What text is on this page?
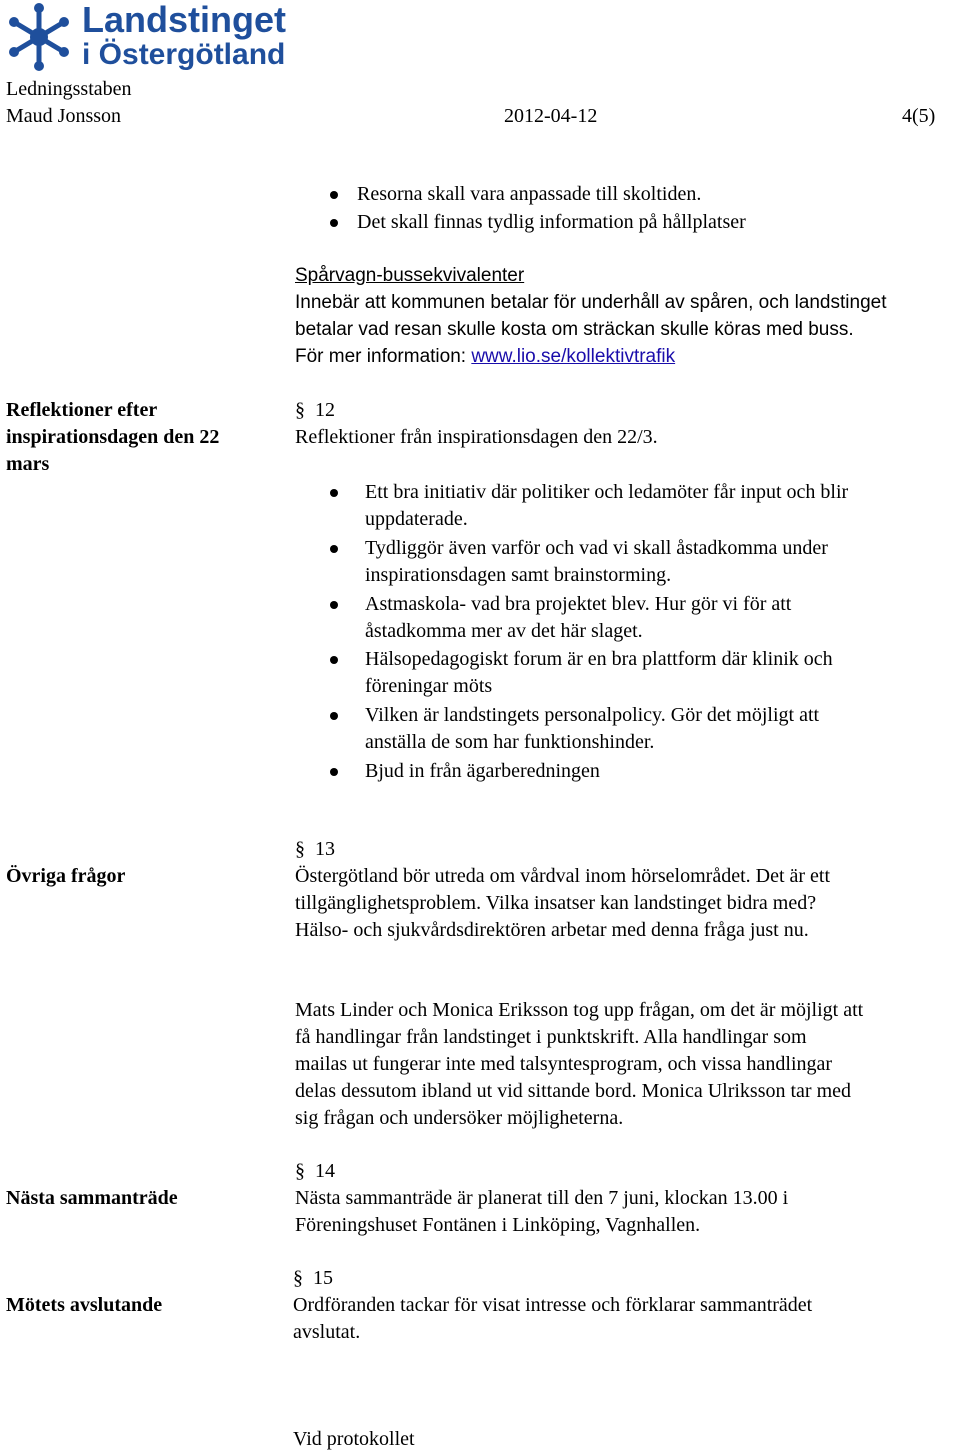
Landstinget
i Östergötland
Ledningsstaben
Maud Jonsson	2012-04-12	4(5)
Resorna skall vara anpassade till skoltiden.
Det skall finnas tydlig information på hållplatser
Spårvagn-bussekvivalenter
Innebär att kommunen betalar för underhåll av spåren, och landstinget
betalar vad resan skulle kosta om sträckan skulle köras med buss.
För mer information: www.lio.se/kollektivtrafik
Reflektioner efter
inspirationsdagen den 22
mars
§ 12
Reflektioner från inspirationsdagen den 22/3.
Ett bra initiativ där politiker och ledamöter får input och blir
uppdaterade.
Tydliggör även varför och vad vi skall åstadkomma under
inspirationsdagen samt brainstorming.
Astmaskola- vad bra projektet blev. Hur gör vi för att
åstadkomma mer av det här slaget.
Hälsopedagogiskt forum är en bra plattform där klinik och
föreningar möts
Vilken är landstingets personalpolicy. Gör det möjligt att
anställa de som har funktionshinder.
Bjud in från ägarberedningen
Övriga frågor
§ 13
Östergötland bör utreda om vårdval inom hörselområdet. Det är ett
tillgänglighetsproblem. Vilka insatser kan landstinget bidra med?
Hälso- och sjukvårdsdirektören arbetar med denna fråga just nu.
Mats Linder och Monica Eriksson tog upp frågan, om det är möjligt att
få handlingar från landstinget i punktskrift. Alla handlingar som
mailas ut fungerar inte med talsyntesprogram, och vissa handlingar
delas dessutom ibland ut vid sittande bord. Monica Ulriksson tar med
sig frågan och undersöker möjligheterna.
Nästa sammanträde
§ 14
Nästa sammanträde är planerat till den 7 juni, klockan 13.00 i
Föreningshuset Fontänen i Linköping, Vagnhallen.
Mötets avslutande
§ 15
Ordföranden tackar för visat intresse och förklarar sammanträdet
avslutat.
Vid protokollet
